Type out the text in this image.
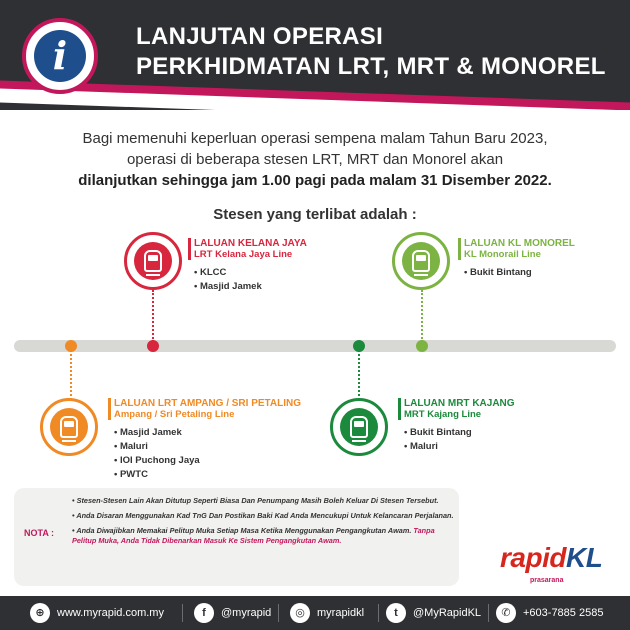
i	LANJUTAN OPERASI
PERKHIDMATAN LRT, MRT & MONOREL
Bagi memenuhi keperluan operasi sempena malam Tahun Baru 2023,
operasi di beberapa stesen LRT, MRT dan Monorel akan
dilanjutkan sehingga jam 1.00 pagi pada malam 31 Disember 2022.
Stesen yang terlibat adalah :
LALUAN KELANA JAYA
LRT Kelana Jaya Line
• KLCC
• Masjid Jamek
LALUAN KL MONOREL
KL Monorail Line
• Bukit Bintang
LALUAN LRT AMPANG / SRI PETALING
Ampang / Sri Petaling Line
• Masjid Jamek
• Maluri
• IOI Puchong Jaya
• PWTC
LALUAN MRT KAJANG
MRT Kajang Line
• Bukit Bintang
• Maluri
NOTA :
• Stesen-Stesen Lain Akan Ditutup Seperti Biasa Dan Penumpang Masih Boleh Keluar Di Stesen Tersebut.
• Anda Disaran Menggunakan Kad TnG Dan Postikan Baki Kad Anda Mencukupi Untuk Kelancaran Perjalanan.
• Anda Diwajibkan Memakai Pelitup Muka Setiap Masa Ketika Menggunakan Pengangkutan Awam. Tanpa Pelitup Muka, Anda Tidak Dibenarkan Masuk Ke Sistem Pengangkutan Awam.
rapidKL
prasarana
⊕	www.myrapid.com.my	f	@myrapid	◎	myrapidkl	t	@MyRapidKL	✆	+603-7885 2585
